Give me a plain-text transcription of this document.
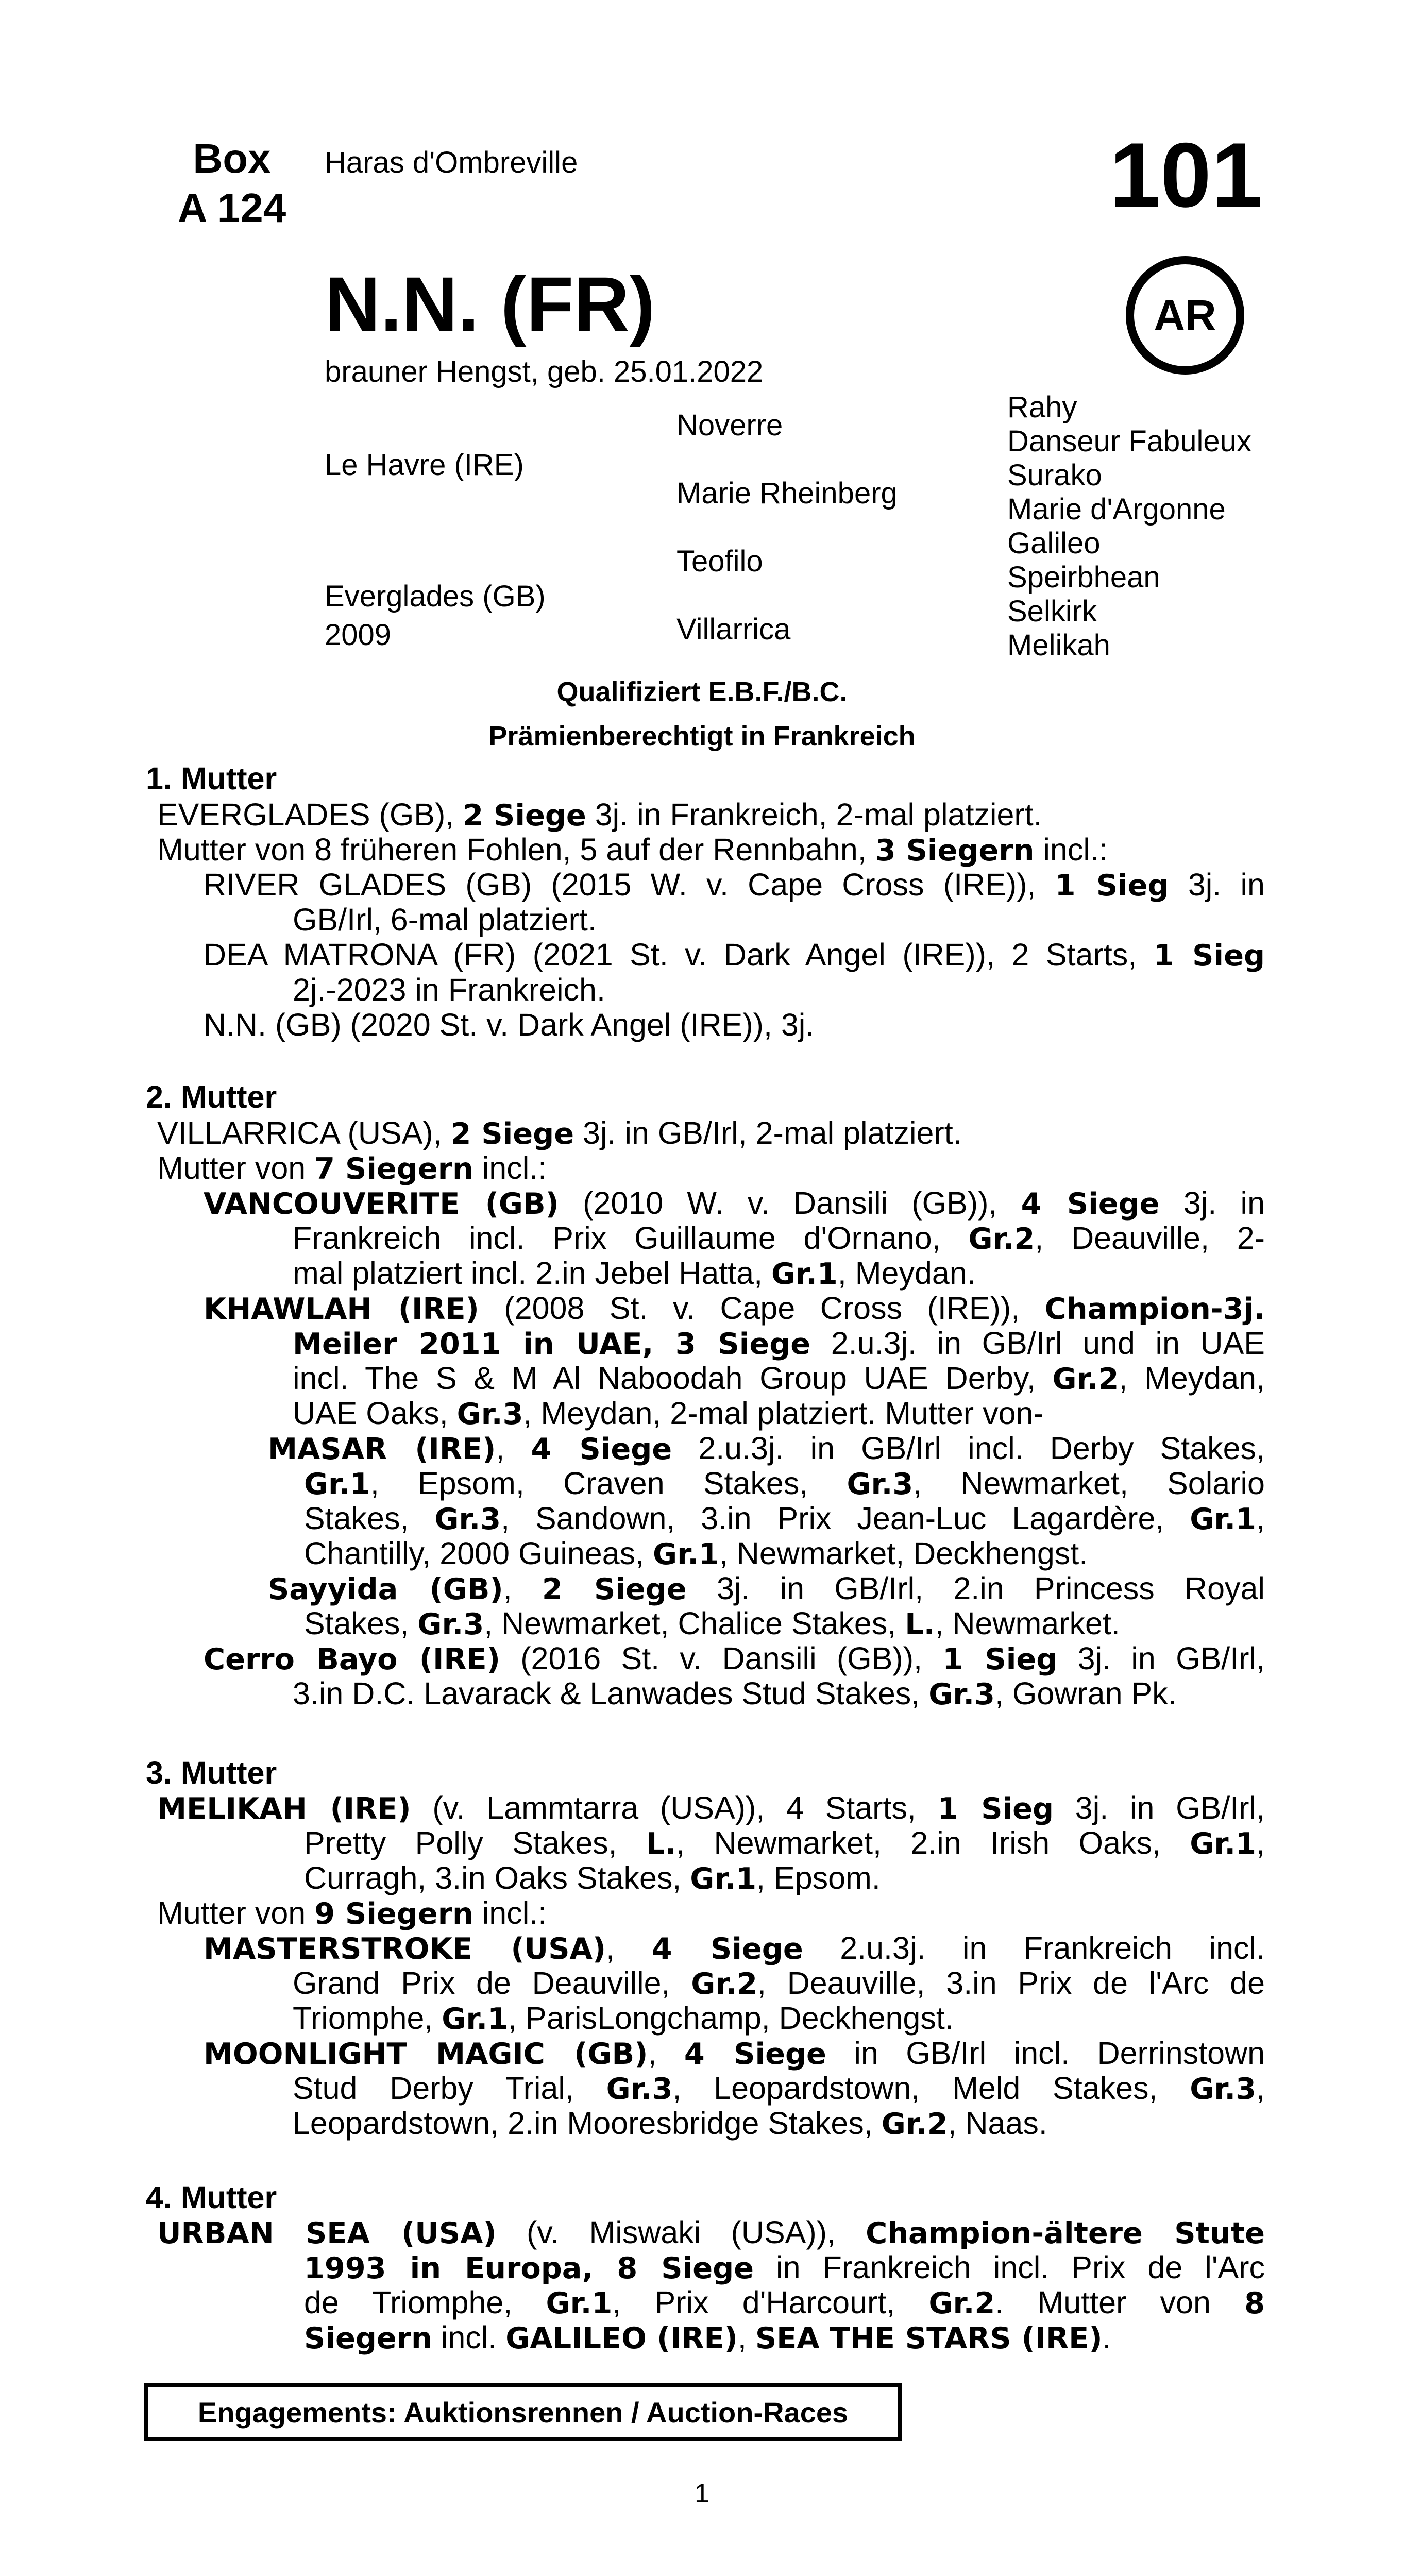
Box
A 124
Haras d'Ombreville	101
AR
N.N. (FR)
brauner Hengst, geb. 25.01.2022
Le Havre (IRE)
Everglades (GB)
2009
Noverre
Marie Rheinberg
Teofilo
Villarrica
Rahy
Danseur Fabuleux
Surako
Marie d'Argonne
Galileo
Speirbhean
Selkirk
Melikah
Qualifiziert E.B.F./B.C.
Prämienberechtigt in Frankreich
1. Mutter
EVERGLADES (GB), 2 Siege 3j. in Frankreich, 2-mal platziert.
Mutter von 8 früheren Fohlen, 5 auf der Rennbahn, 3 Siegern incl.:
RIVER GLADES (GB) (2015 W. v. Cape Cross (IRE)), 1 Sieg 3j. in
GB/Irl, 6-mal platziert.
DEA MATRONA (FR) (2021 St. v. Dark Angel (IRE)), 2 Starts, 1 Sieg
2j.-2023 in Frankreich.
N.N. (GB) (2020 St. v. Dark Angel (IRE)), 3j.
2. Mutter
VILLARRICA (USA), 2 Siege 3j. in GB/Irl, 2-mal platziert.
Mutter von 7 Siegern incl.:
VANCOUVERITE (GB) (2010 W. v. Dansili (GB)), 4 Siege 3j. in
Frankreich incl. Prix Guillaume d'Ornano, Gr.2, Deauville, 2-
mal platziert incl. 2.in Jebel Hatta, Gr.1, Meydan.
KHAWLAH (IRE) (2008 St. v. Cape Cross (IRE)), Champion-3j.
Meiler 2011 in UAE, 3 Siege 2.u.3j. in GB/Irl und in UAE
incl. The S & M Al Naboodah Group UAE Derby, Gr.2, Meydan,
UAE Oaks, Gr.3, Meydan, 2-mal platziert. Mutter von-
MASAR (IRE), 4 Siege 2.u.3j. in GB/Irl incl. Derby Stakes,
Gr.1, Epsom, Craven Stakes, Gr.3, Newmarket, Solario
Stakes, Gr.3, Sandown, 3.in Prix Jean-Luc Lagardère, Gr.1,
Chantilly, 2000 Guineas, Gr.1, Newmarket, Deckhengst.
Sayyida (GB), 2 Siege 3j. in GB/Irl, 2.in Princess Royal
Stakes, Gr.3, Newmarket, Chalice Stakes, L., Newmarket.
Cerro Bayo (IRE) (2016 St. v. Dansili (GB)), 1 Sieg 3j. in GB/Irl,
3.in D.C. Lavarack & Lanwades Stud Stakes, Gr.3, Gowran Pk.
3. Mutter
MELIKAH (IRE) (v. Lammtarra (USA)), 4 Starts, 1 Sieg 3j. in GB/Irl,
Pretty Polly Stakes, L., Newmarket, 2.in Irish Oaks, Gr.1,
Curragh, 3.in Oaks Stakes, Gr.1, Epsom.
Mutter von 9 Siegern incl.:
MASTERSTROKE (USA), 4 Siege 2.u.3j. in Frankreich incl.
Grand Prix de Deauville, Gr.2, Deauville, 3.in Prix de l'Arc de
Triomphe, Gr.1, ParisLongchamp, Deckhengst.
MOONLIGHT MAGIC (GB), 4 Siege in GB/Irl incl. Derrinstown
Stud Derby Trial, Gr.3, Leopardstown, Meld Stakes, Gr.3,
Leopardstown, 2.in Mooresbridge Stakes, Gr.2, Naas.
4. Mutter
URBAN SEA (USA) (v. Miswaki (USA)), Champion-ältere Stute
1993 in Europa, 8 Siege in Frankreich incl. Prix de l'Arc
de Triomphe, Gr.1, Prix d'Harcourt, Gr.2. Mutter von 8
Siegern incl. GALILEO (IRE), SEA THE STARS (IRE).
Engagements: Auktionsrennen / Auction-Races
1
